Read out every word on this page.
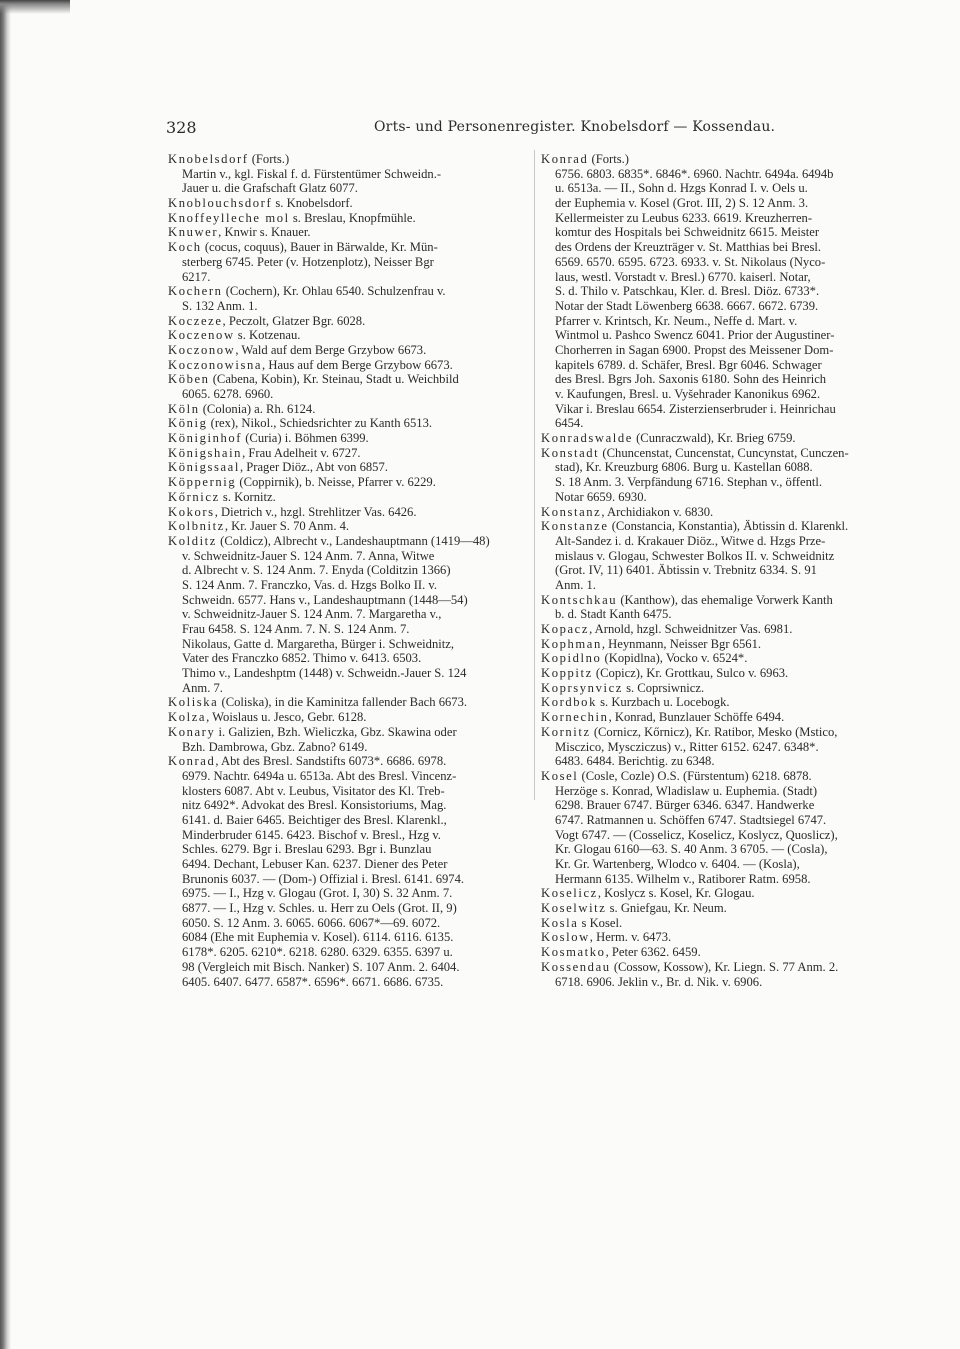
328	Orts- und Personenregister. Knobelsdorf — Kossendau.
Knobelsdorf (Forts.)
Martin v., kgl. Fiskal f. d. Fürstentümer Schweidn.-
Jauer u. die Grafschaft Glatz 6077.
Knoblouchsdorf s. Knobelsdorf.
Knoffeylleche mol s. Breslau, Knopfmühle.
Knuwer, Knwir s. Knauer.
Koch (cocus, coquus), Bauer in Bärwalde, Kr. Mün-
sterberg 6745. Peter (v. Hotzenplotz), Neisser Bgr
6217.
Kochern (Cochern), Kr. Ohlau 6540. Schulzenfrau v.
S. 132 Anm. 1.
Koczeze, Peczolt, Glatzer Bgr. 6028.
Koczenow s. Kotzenau.
Koczonow, Wald auf dem Berge Grzybow 6673.
Koczonowisna, Haus auf dem Berge Grzybow 6673.
Köben (Cabena, Kobin), Kr. Steinau, Stadt u. Weichbild
6065. 6278. 6960.
Köln (Colonia) a. Rh. 6124.
König (rex), Nikol., Schiedsrichter zu Kanth 6513.
Königinhof (Curia) i. Böhmen 6399.
Königshain, Frau Adelheit v. 6727.
Königssaal, Prager Diöz., Abt von 6857.
Köppernig (Coppirnik), b. Neisse, Pfarrer v. 6229.
Kőrnicz s. Kornitz.
Kokors, Dietrich v., hzgl. Strehlitzer Vas. 6426.
Kolbnitz, Kr. Jauer S. 70 Anm. 4.
Kolditz (Coldicz), Albrecht v., Landeshauptmann (1419—48)
v. Schweidnitz-Jauer S. 124 Anm. 7. Anna, Witwe
d. Albrecht v. S. 124 Anm. 7. Enyda (Colditzin 1366)
S. 124 Anm. 7. Franczko, Vas. d. Hzgs Bolko II. v.
Schweidn. 6577. Hans v., Landeshauptmann (1448—54)
v. Schweidnitz-Jauer S. 124 Anm. 7. Margaretha v.,
Frau 6458. S. 124 Anm. 7. N. S. 124 Anm. 7.
Nikolaus, Gatte d. Margaretha, Bürger i. Schweidnitz,
Vater des Franczko 6852. Thimo v. 6413. 6503.
Thimo v., Landeshptm (1448) v. Schweidn.-Jauer S. 124
Anm. 7.
Koliska (Coliska), in die Kaminitza fallender Bach 6673.
Kolza, Woislaus u. Jesco, Gebr. 6128.
Konary i. Galizien, Bzh. Wieliczka, Gbz. Skawina oder
Bzh. Dambrowa, Gbz. Zabno? 6149.
Konrad, Abt des Bresl. Sandstifts 6073*. 6686. 6978.
6979. Nachtr. 6494a u. 6513a. Abt des Bresl. Vincenz-
klosters 6087. Abt v. Leubus, Visitator des Kl. Treb-
nitz 6492*. Advokat des Bresl. Konsistoriums, Mag.
6141. d. Baier 6465. Beichtiger des Bresl. Klarenkl.,
Minderbruder 6145. 6423. Bischof v. Bresl., Hzg v.
Schles. 6279. Bgr i. Breslau 6293. Bgr i. Bunzlau
6494. Dechant, Lebuser Kan. 6237. Diener des Peter
Brunonis 6037. — (Dom-) Offizial i. Bresl. 6141. 6974.
6975. — I., Hzg v. Glogau (Grot. I, 30) S. 32 Anm. 7.
6877. — I., Hzg v. Schles. u. Herr zu Oels (Grot. II, 9)
6050. S. 12 Anm. 3. 6065. 6066. 6067*—69. 6072.
6084 (Ehe mit Euphemia v. Kosel). 6114. 6116. 6135.
6178*. 6205. 6210*. 6218. 6280. 6329. 6355. 6397 u.
98 (Vergleich mit Bisch. Nanker) S. 107 Anm. 2. 6404.
6405. 6407. 6477. 6587*. 6596*. 6671. 6686. 6735.
Konrad (Forts.)
6756. 6803. 6835*. 6846*. 6960. Nachtr. 6494a. 6494b
u. 6513a. — II., Sohn d. Hzgs Konrad I. v. Oels u.
der Euphemia v. Kosel (Grot. III, 2) S. 12 Anm. 3.
Kellermeister zu Leubus 6233. 6619. Kreuzherren-
komtur des Hospitals bei Schweidnitz 6615. Meister
des Ordens der Kreuzträger v. St. Matthias bei Bresl.
6569. 6570. 6595. 6723. 6933. v. St. Nikolaus (Nyco-
laus, westl. Vorstadt v. Bresl.) 6770. kaiserl. Notar,
S. d. Thilo v. Patschkau, Kler. d. Bresl. Diöz. 6733*.
Notar der Stadt Löwenberg 6638. 6667. 6672. 6739.
Pfarrer v. Krintsch, Kr. Neum., Neffe d. Mart. v.
Wintmol u. Pashco Swencz 6041. Prior der Augustiner-
Chorherren in Sagan 6900. Propst des Meissener Dom-
kapitels 6789. d. Schäfer, Bresl. Bgr 6046. Schwager
des Bresl. Bgrs Joh. Saxonis 6180. Sohn des Heinrich
v. Kaufungen, Bresl. u. Vyšehrader Kanonikus 6962.
Vikar i. Breslau 6654. Zisterzienserbruder i. Heinrichau
6454.
Konradswalde (Cunraczwald), Kr. Brieg 6759.
Konstadt (Chuncenstat, Cuncenstat, Cuncynstat, Cunczen-
stad), Kr. Kreuzburg 6806. Burg u. Kastellan 6088.
S. 18 Anm. 3. Verpfändung 6716. Stephan v., öffentl.
Notar 6659. 6930.
Konstanz, Archidiakon v. 6830.
Konstanze (Constancia, Konstantia), Äbtissin d. Klarenkl.
Alt-Sandez i. d. Krakauer Diöz., Witwe d. Hzgs Prze-
mislaus v. Glogau, Schwester Bolkos II. v. Schweidnitz
(Grot. IV, 11) 6401. Äbtissin v. Trebnitz 6334. S. 91
Anm. 1.
Kontschkau (Kanthow), das ehemalige Vorwerk Kanth
b. d. Stadt Kanth 6475.
Kopacz, Arnold, hzgl. Schweidnitzer Vas. 6981.
Kophman, Heynmann, Neisser Bgr 6561.
Kopidlno (Kopidlna), Vocko v. 6524*.
Koppitz (Copicz), Kr. Grottkau, Sulco v. 6963.
Koprsynvicz s. Coprsiwnicz.
Kordbok s. Kurzbach u. Locebogk.
Kornechin, Konrad, Bunzlauer Schöffe 6494.
Kornitz (Cornicz, Kőrnicz), Kr. Ratibor, Mesko (Mstico,
Misczico, Myscziczus) v., Ritter 6152. 6247. 6348*.
6483. 6484. Berichtig. zu 6348.
Kosel (Cosle, Cozle) O.S. (Fürstentum) 6218. 6878.
Herzöge s. Konrad, Wladislaw u. Euphemia. (Stadt)
6298. Brauer 6747. Bürger 6346. 6347. Handwerke
6747. Ratmannen u. Schöffen 6747. Stadtsiegel 6747.
Vogt 6747. — (Cosselicz, Koselicz, Koslycz, Quoslicz),
Kr. Glogau 6160—63. S. 40 Anm. 3 6705. — (Cosla),
Kr. Gr. Wartenberg, Wlodco v. 6404. — (Kosla),
Hermann 6135. Wilhelm v., Ratiborer Ratm. 6958.
Koselicz, Koslycz s. Kosel, Kr. Glogau.
Koselwitz s. Gniefgau, Kr. Neum.
Kosla s Kosel.
Koslow, Herm. v. 6473.
Kosmatko, Peter 6362. 6459.
Kossendau (Cossow, Kossow), Kr. Liegn. S. 77 Anm. 2.
6718. 6906. Jeklin v., Br. d. Nik. v. 6906.
